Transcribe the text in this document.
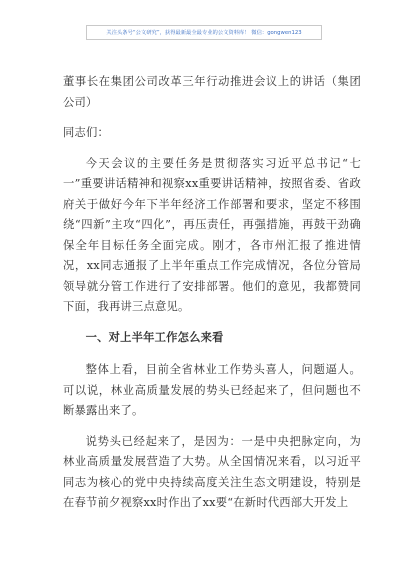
关注头条号“公文研究”，获得最新最全最专业的公文资料库！ 微信：gongwen123

董事长在集团公司改革三年行动推进会议上的讲话（集团公司）

同志们：

今天会议的主要任务是贯彻落实习近平总书记“七一”重要讲话精神和视察xx重要讲话精神，按照省委、省政府关于做好今年下半年经济工作部署和要求，坚定不移围绕“四新”主攻“四化”，再压责任，再强措施，再鼓干劲确保全年目标任务全面完成。刚才，各市州汇报了推进情况，xx同志通报了上半年重点工作完成情况，各位分管局领导就分管工作进行了安排部署。他们的意见，我都赞同下面，我再讲三点意见。

一、对上半年工作怎么来看

整体上看，目前全省林业工作势头喜人，问题逼人。可以说，林业高质量发展的势头已经起来了，但问题也不断暴露出来了。

说势头已经起来了，是因为：一是中央把脉定向，为林业高质量发展营造了大势。从全国情况来看，以习近平同志为核心的党中央持续高度关注生态文明建设，特别是在春节前夕视察xx时作出了xx要“在新时代西部大开发上
